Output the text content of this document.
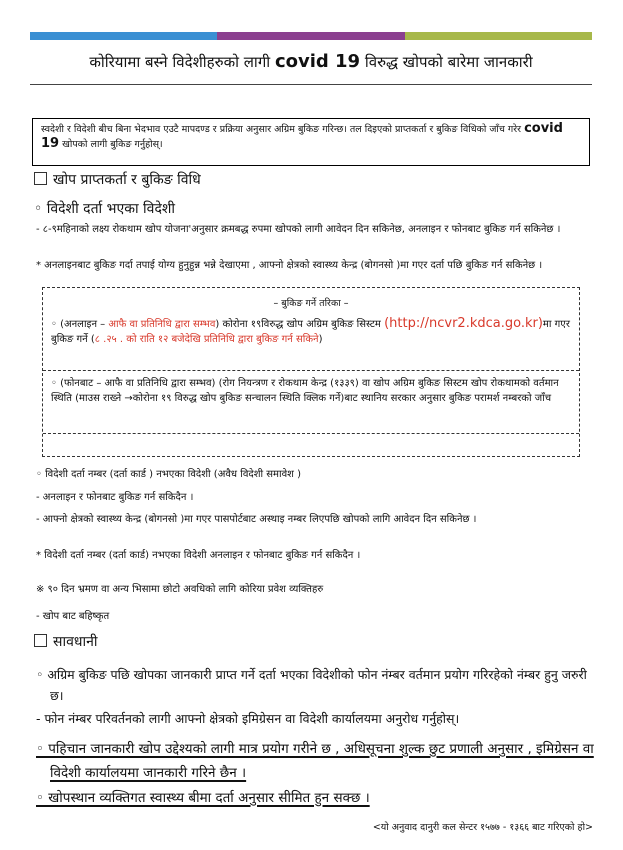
कोरियामा बस्ने विदेशीहरुको लागी covid 19 विरुद्ध खोपको बारेमा जानकारी
स्वदेशी र विदेशी बीच बिना भेदभाव एउटै मापदण्ड र प्रक्रिया अनुसार अग्रिम बुकिङ गरिन्छ। तल दिइएको प्राप्तकर्ता र बुकिङ विधिको जाँच गरेर covid 19 खोपको लागी बुकिङ गर्नुहोस्।
खोप प्राप्तकर्ता र बुकिङ विधि
◦ विदेशी दर्ता भएका विदेशी
- ८-९महिनाको लक्ष्य रोकथाम खोप योजना'अनुसार क्रमबद्ध रुपमा खोपको लागी आवेदन दिन सकिनेछ, अनलाइन र फोनबाट बुकिङ गर्न सकिनेछ ।
* अनलाइनबाट बुकिङ गर्दा तपाई योग्य हुनुहुन्न भन्ने देखाएमा , आफ्नो क्षेत्रको स्वास्थ्य केन्द्र (बोगनसो )मा गएर दर्ता पछि बुकिङ गर्न सकिनेछ ।
– बुकिङ गर्ने तरिका –
◦ (अनलाइन – आफै वा प्रतिनिधि द्वारा सम्भव) कोरोना १९विरुद्ध खोप अग्रिम बुकिङ सिस्टम (http://ncvr2.kdca.go.kr)मा गएर बुकिङ गर्ने (८ .२५ . को राति १२ बजेदेखि प्रतिनिधि द्वारा बुकिङ गर्न सकिने)
◦ (फोनबाट – आफै वा प्रतिनिधि द्वारा सम्भव) (रोग नियन्त्रण र रोकथाम केन्द्र (१३३९) वा खोप अग्रिम बुकिङ सिस्टम खोप रोकथामको वर्तमान स्थिति (माउस राख्ने →कोरोना १९ विरुद्ध खोप बुकिङ सन्चालन स्थिति क्लिक गर्ने)बाट स्थानिय सरकार अनुसार बुकिङ परामर्श नम्बरको जाँच
◦ विदेशी दर्ता नम्बर (दर्ता कार्ड ) नभएका विदेशी (अवैध विदेशी समावेश )
- अनलाइन र फोनबाट बुकिङ गर्न सकिदैन ।
- आफ्नो क्षेत्रको स्वास्थ्य केन्द्र (बोगनसो )मा गएर पासपोर्टबाट अस्थाइ नम्बर लिएपछि खोपको लागि आवेदन दिन सकिनेछ ।
* विदेशी दर्ता नम्बर (दर्ता कार्ड) नभएका विदेशी अनलाइन र फोनबाट बुकिङ गर्न सकिदैन ।
※ ९० दिन भ्रमण वा अन्य भिसामा छोटो अवधिको लागि कोरिया प्रवेश व्यक्तिहरु
- खोप बाट बहिष्कृत
सावधानी
◦ अग्रिम बुकिङ पछि खोपका जानकारी प्राप्त गर्ने दर्ता भएका विदेशीको फोन नंम्बर वर्तमान प्रयोग गरिरहेको नंम्बर हुनु जरुरी छ।
- फोन नंम्बर परिवर्तनको लागी आफ्नो क्षेत्रको इमिग्रेसन वा विदेशी कार्यालयमा अनुरोध गर्नुहोस्।
◦ पहिचान जानकारी खोप उद्देश्यको लागी मात्र प्रयोग गरीने छ , अधिसूचना शुल्क छुट प्रणाली अनुसार , इमिग्रेसन वा विदेशी कार्यालयमा जानकारी गरिने छैन ।
◦ खोपस्थान व्यक्तिगत स्वास्थ्य बीमा दर्ता अनुसार सीमित हुन सक्छ ।
<यो अनुवाद दानुरी कल सेन्टर १५७७ - १३६६ बाट गरिएको हो>
